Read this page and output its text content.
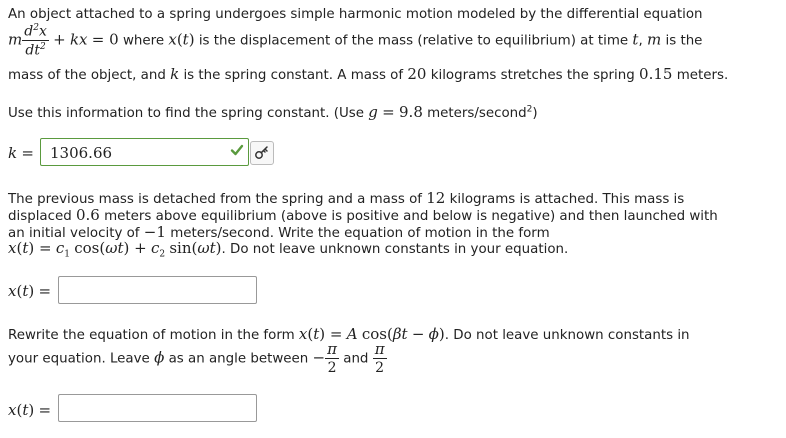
An object attached to a spring undergoes simple harmonic motion modeled by the differential equation
m $\frac{d^2x}{dt^2}$ + kx = 0 where x(t) is the displacement of the mass (relative to equilibrium) at time t, m is the
mass of the object, and k is the spring constant. A mass of 20 kilograms stretches the spring 0.15 meters.
Use this information to find the spring constant. (Use g = 9.8 meters/second$^2$)
k = 1306.66
The previous mass is detached from the spring and a mass of 12 kilograms is attached. This mass is
displaced 0.6 meters above equilibrium (above is positive and below is negative) and then launched with
an initial velocity of −1 meters/second. Write the equation of motion in the form
$x(t) = c_1$ $\cos(\omega t) + c_2$ sin(ωt). Do not leave unknown constants in your equation.
x(t) =
Rewrite the equation of motion in the form x(t) = A cos(βt − ϕ). Do not leave unknown constants in
your equation. Leave ϕ as an angle between − $\frac{\pi}{2}$ and $\frac{\pi}{2}$
x(t) =
